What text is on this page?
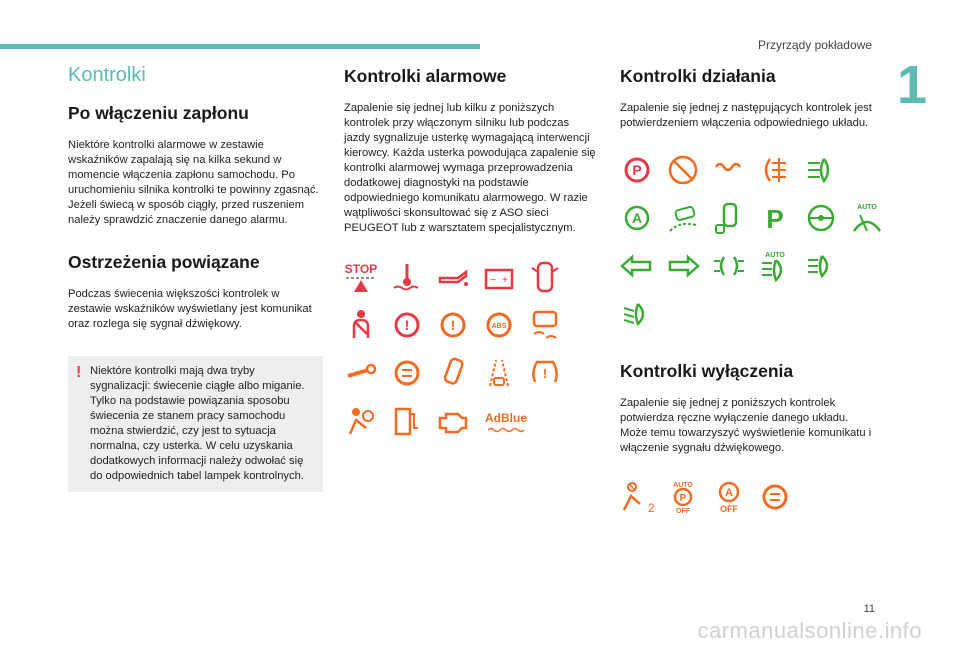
Przyrządy pokładowe
1
Kontrolki
Po włączeniu zapłonu

Niektóre kontrolki alarmowe w zestawie wskaźników zapalają się na kilka sekund w momencie włączenia zapłonu samochodu. Po uruchomieniu silnika kontrolki te powinny zgasnąć. Jeżeli świecą w sposób ciągły, przed ruszeniem należy sprawdzić znaczenie danego alarmu.

Ostrzeżenia powiązane

Podczas świecenia większości kontrolek w zestawie wskaźników wyświetlany jest komunikat oraz rozlega się sygnał dźwiękowy.

! Niektóre kontrolki mają dwa tryby sygnalizacji: świecenie ciągłe albo miganie. Tylko na podstawie powiązania sposobu świecenia ze stanem pracy samochodu można stwierdzić, czy jest to sytuacja normalna, czy usterka. W celu uzyskania dodatkowych informacji należy odwołać się do odpowiednich tabel lampek kontrolnych.

Kontrolki alarmowe

Zapalenie się jednej lub kilku z poniższych kontrolek przy włączonym silniku lub podczas jazdy sygnalizuje usterkę wymagającą interwencji kierowcy. Każda usterka powodująca zapalenie się kontrolki alarmowej wymaga przeprowadzenia dodatkowej diagnostyki na podstawie odpowiedniego komunikatu alarmowego. W razie wątpliwości skonsultować się z ASO sieci PEUGEOT lub z warsztatem specjalistycznym.

STOP
− +
!	!	ABS
!
AdBlue
Kontrolki działania

Zapalenie się jednej z następujących kontrolek jest potwierdzeniem włączenia odpowiedniego układu.

P
A	P	AUTO
AUTO
Kontrolki wyłączenia

Zapalenie się jednej z poniższych kontrolek potwierdza ręczne wyłączenie danego układu. Może temu towarzyszyć wyświetlenie komunikatu i włączenie sygnału dźwiękowego.

2
AUTO
P
OFF
A
OFF
11
carmanualsonline.info
